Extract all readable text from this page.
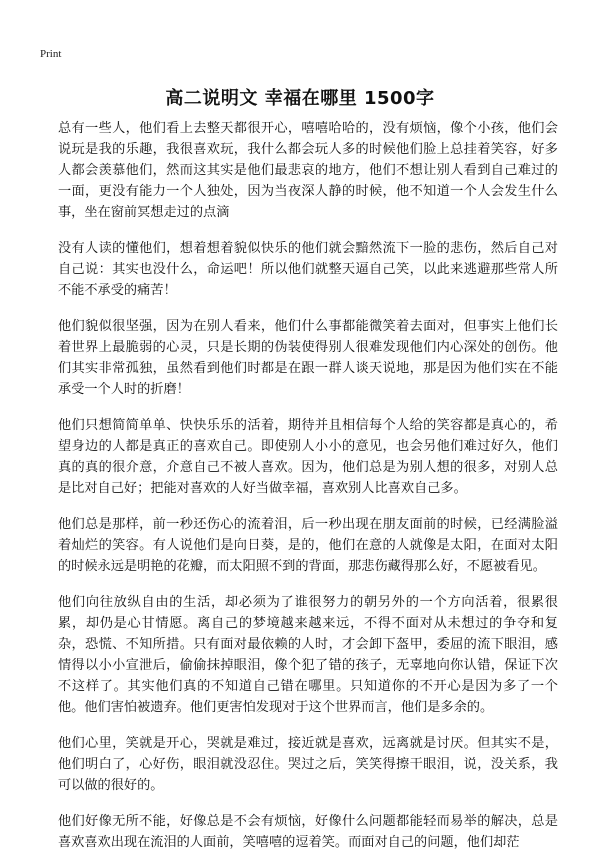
Print
高二说明文 幸福在哪里 1500字

总有一些人，他们看上去整天都很开心，嘻嘻哈哈的，没有烦恼，像个小孩，他们会说玩是我的乐趣，我很喜欢玩，我什么都会玩人多的时候他们脸上总挂着笑容，好多人都会羡慕他们，然而这其实是他们最悲哀的地方，他们不想让别人看到自己难过的一面，更没有能力一个人独处，因为当夜深人静的时候，他不知道一个人会发生什么事，坐在窗前冥想走过的点滴

没有人读的懂他们，想着想着貌似快乐的他们就会黯然流下一脸的悲伤，然后自己对自己说：其实也没什么，命运吧！所以他们就整天逼自己笑，以此来逃避那些常人所不能不承受的痛苦！

他们貌似很坚强，因为在别人看来，他们什么事都能微笑着去面对，但事实上他们长着世界上最脆弱的心灵，只是长期的伪装使得别人很难发现他们内心深处的创伤。他们其实非常孤独，虽然看到他们时都是在跟一群人谈天说地，那是因为他们实在不能承受一个人时的折磨！

他们只想简简单单、快快乐乐的活着，期待并且相信每个人给的笑容都是真心的，希望身边的人都是真正的喜欢自己。即使别人小小的意见，也会另他们难过好久，他们真的真的很介意，介意自己不被人喜欢。因为，他们总是为别人想的很多，对别人总是比对自己好；把能对喜欢的人好当做幸福，喜欢别人比喜欢自己多。

他们总是那样，前一秒还伤心的流着泪，后一秒出现在朋友面前的时候，已经满脸溢着灿烂的笑容。有人说他们是向日葵，是的，他们在意的人就像是太阳，在面对太阳的时候永远是明艳的花瓣，而太阳照不到的背面，那悲伤藏得那么好，不愿被看见。

他们向往放纵自由的生活，却必须为了谁很努力的朝另外的一个方向活着，很累很累，却仍是心甘情愿。离自己的梦境越来越来远，不得不面对从未想过的争夺和复杂，恐慌、不知所措。只有面对最依赖的人时，才会卸下盔甲，委屈的流下眼泪，感情得以小小宣泄后，偷偷抹掉眼泪，像个犯了错的孩子，无辜地向你认错，保证下次不这样了。其实他们真的不知道自己错在哪里。只知道你的不开心是因为多了一个他。他们害怕被遗弃。他们更害怕发现对于这个世界而言，他们是多余的。

他们心里，笑就是开心，哭就是难过，接近就是喜欢，远离就是讨厌。但其实不是，他们明白了，心好伤，眼泪就没忍住。哭过之后，笑笑得擦干眼泪，说，没关系，我可以做的很好的。

他们好像无所不能，好像总是不会有烦恼，好像什么问题都能轻而易举的解决，总是喜欢喜欢出现在流泪的人面前，笑嘻嘻的逗着笑。而面对自己的问题，他们却茫
